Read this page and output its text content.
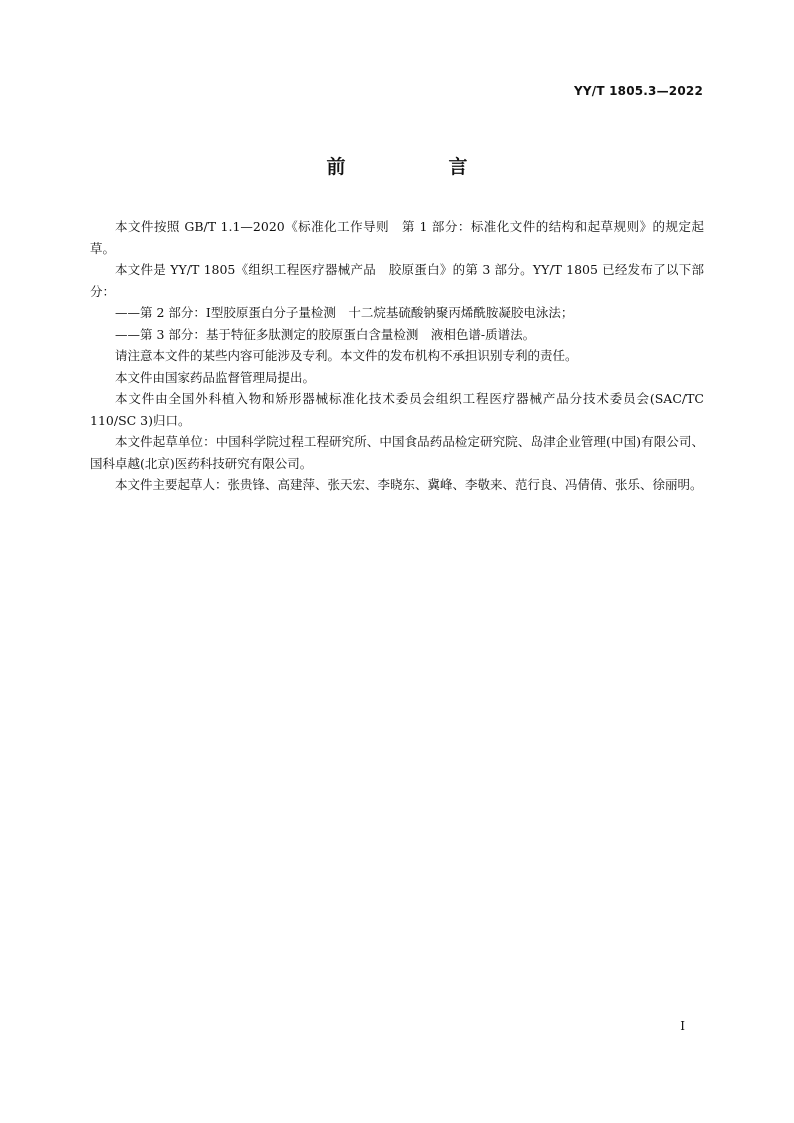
YY/T 1805.3—2022
前　言

本文件按照 GB/T 1.1—2020《标准化工作导则　第 1 部分：标准化文件的结构和起草规则》的规定起草。

本文件是 YY/T 1805《组织工程医疗器械产品　胶原蛋白》的第 3 部分。YY/T 1805 已经发布了以下部分：

——第 2 部分：Ⅰ型胶原蛋白分子量检测　十二烷基硫酸钠聚丙烯酰胺凝胶电泳法；

——第 3 部分：基于特征多肽测定的胶原蛋白含量检测　液相色谱-质谱法。

请注意本文件的某些内容可能涉及专利。本文件的发布机构不承担识别专利的责任。

本文件由国家药品监督管理局提出。

本文件由全国外科植入物和矫形器械标准化技术委员会组织工程医疗器械产品分技术委员会(SAC/TC 110/SC 3)归口。

本文件起草单位：中国科学院过程工程研究所、中国食品药品检定研究院、岛津企业管理(中国)有限公司、国科卓越(北京)医药科技研究有限公司。

本文件主要起草人：张贵锋、高建萍、张天宏、李晓东、冀峰、李敬来、范行良、冯倩倩、张乐、徐丽明。

I
